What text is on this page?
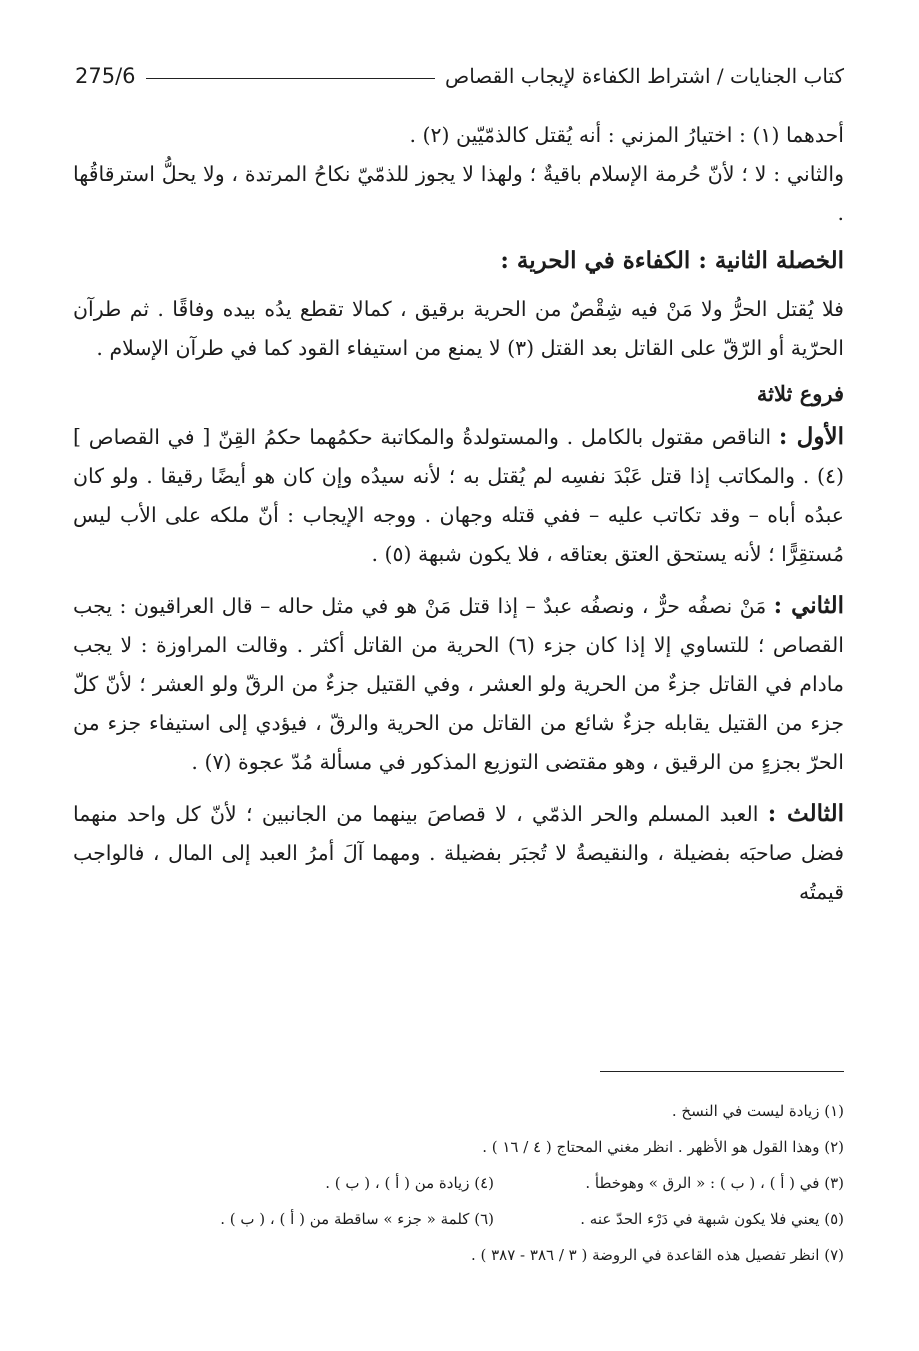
275/6	كتاب الجنايات / اشتراط الكفاءة لإيجاب القصاص

أحدهما (١) : اختيارُ المزني : أنه يُقتل كالذمّيّين (٢) .

والثاني : لا ؛ لأنّ حُرمة الإسلام باقيةٌ ؛ ولهذا لا يجوز للذمّيّ نكاحُ المرتدة ، ولا يحلُّ استرقاقُها .

الخصلة الثانية : الكفاءة في الحرية :

فلا يُقتل الحرُّ ولا مَنْ فيه شِقْصٌ من الحرية برقيق ، كمالا تقطع يدُه بيده وفاقًا . ثم طرآن الحرّية أو الرّقّ على القاتل بعد القتل (٣) لا يمنع من استيفاء القود كما في طرآن الإسلام .

فروع ثلاثة

الأول : الناقص مقتول بالكامل . والمستولدةُ والمكاتبة حكمُهما حكمُ القِنّ [ في القصاص ] (٤) . والمكاتب إذا قتل عَبْدَ نفسِه لم يُقتل به ؛ لأنه سيدُه وإن كان هو أيضًا رقيقا . ولو كان عبدُه أباه – وقد تكاتب عليه – ففي قتله وجهان . ووجه الإيجاب : أنّ ملكه على الأب ليس مُستقِرًّا ؛ لأنه يستحق العتق بعتاقه ، فلا يكون شبهة (٥) .

الثاني : مَنْ نصفُه حرٌّ ، ونصفُه عبدٌ – إذا قتل مَنْ هو في مثل حاله – قال العراقيون : يجب القصاص ؛ للتساوي إلا إذا كان جزء (٦) الحرية من القاتل أكثر . وقالت المراوزة : لا يجب مادام في القاتل جزءٌ من الحرية ولو العشر ، وفي القتيل جزءٌ من الرقّ ولو العشر ؛ لأنّ كلّ جزء من القتيل يقابله جزءٌ شائع من القاتل من الحرية والرقّ ، فيؤدي إلى استيفاء جزء من الحرّ بجزءٍ من الرقيق ، وهو مقتضى التوزيع المذكور في مسألة مُدّ عجوة (٧) .

الثالث : العبد المسلم والحر الذمّي ، لا قصاصَ بينهما من الجانبين ؛ لأنّ كل واحد منهما فضل صاحبَه بفضيلة ، والنقيصةُ لا تُجبَر بفضيلة . ومهما آلَ أمرُ العبد إلى المال ، فالواجب قيمتُه

(١) زيادة ليست في النسخ .
(٢) وهذا القول هو الأظهر . انظر مغني المحتاج ( ٤ / ١٦ ) .
(٣) في ( أ ) ، ( ب ) : « الرق » وهوخطأ .
(٤) زيادة من ( أ ) ، ( ب ) .
(٥) يعني فلا يكون شبهة في دَرْء الحدّ عنه .
(٦) كلمة « جزء » ساقطة من ( أ ) ، ( ب ) .
(٧) انظر تفصيل هذه القاعدة في الروضة ( ٣ / ٣٨٦ - ٣٨٧ ) .
